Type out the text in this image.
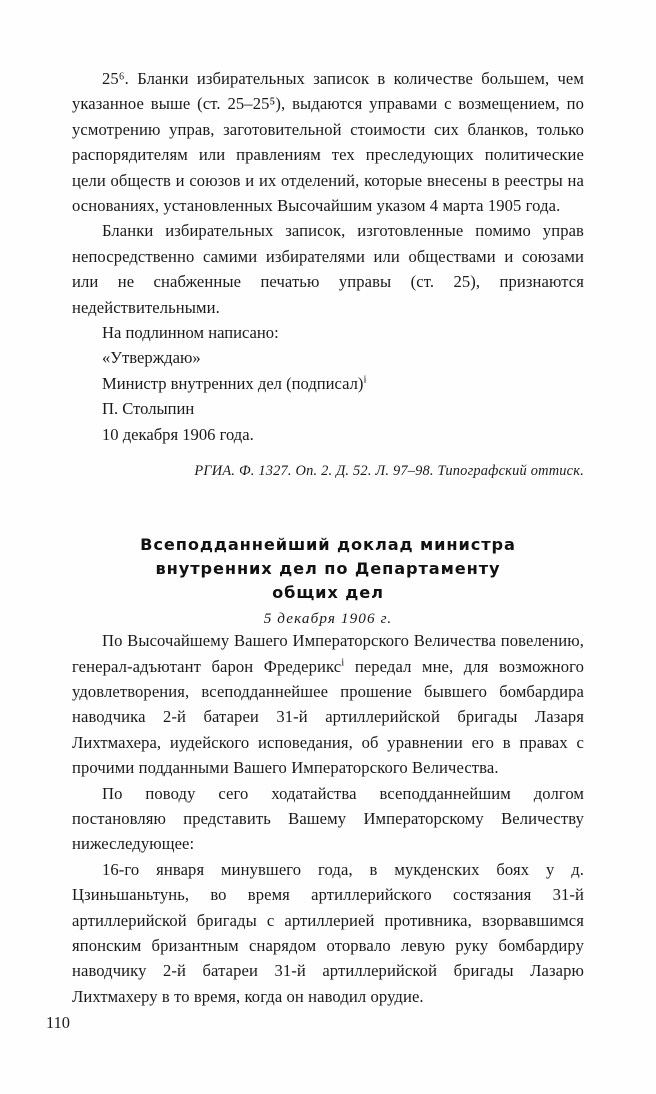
25⁶. Бланки избирательных записок в количестве большем, чем указанное выше (ст. 25–25⁵), выдаются управами с возмещением, по усмотрению управ, заготовительной стоимости сих бланков, только распорядителям или правлениям тех преследующих политические цели обществ и союзов и их отделений, которые внесены в реестры на основаниях, установленных Высочайшим указом 4 марта 1905 года.

Бланки избирательных записок, изготовленные помимо управ непосредственно самими избирателями или обществами и союзами или не снабженные печатью управы (ст. 25), признаются недействительными.

На подлинном написано:

«Утверждаю»

Министр внутренних дел (подписал)$^i$

П. Столыпин

10 декабря 1906 года.

РГИА. Ф. 1327. Оп. 2. Д. 52. Л. 97–98. Типографский оттиск.

Всеподданнейший доклад министра
внутренних дел по Департаменту
общих дел

5 декабря 1906 г.

По Высочайшему Вашего Императорского Величества повелению, генерал-адъютант барон Фредерикс$^i$ передал мне, для возможного удовлетворения, всеподданнейшее прошение бывшего бомбардира наводчика 2-й батареи 31-й артиллерийской бригады Лазаря Лихтмахера, иудейского исповедания, об уравнении его в правах с прочими подданными Вашего Императорского Величества.

По поводу сего ходатайства всеподданнейшим долгом постановляю представить Вашему Императорскому Величеству нижеследующее:

16-го января минувшего года, в мукденских боях у д. Цзиньшаньтунь, во время артиллерийского состязания 31-й артиллерийской бригады с артиллерией противника, взорвавшимся японским бризантным снарядом оторвало левую руку бомбардиру наводчику 2-й батареи 31-й артиллерийской бригады Лазарю Лихтмахеру в то время, когда он наводил орудие.

110
